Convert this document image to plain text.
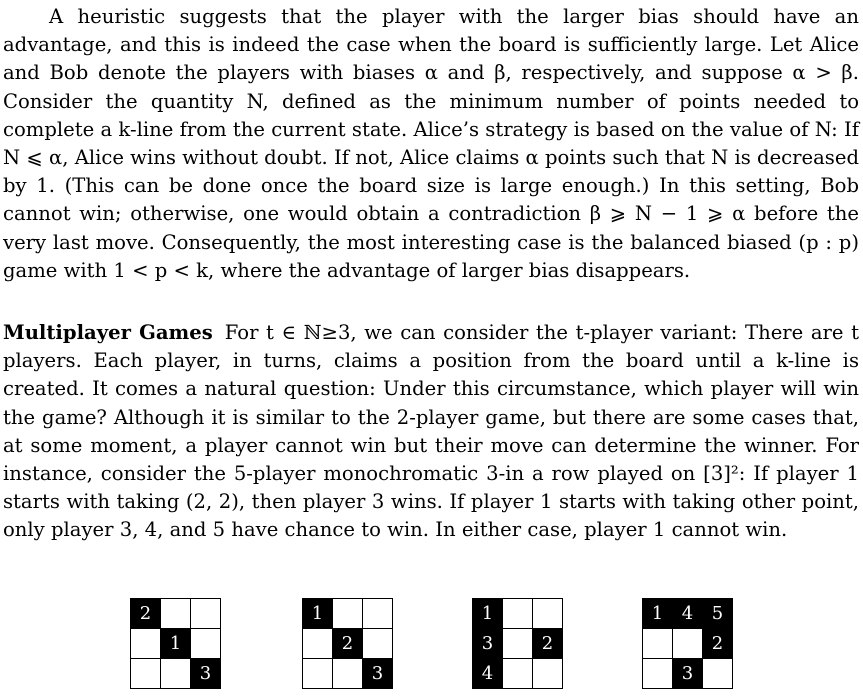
A heuristic suggests that the player with the larger bias should have an advantage, and this is indeed the case when the board is sufficiently large. Let Alice and Bob denote the players with biases α and β, respectively, and suppose α > β. Consider the quantity N, defined as the minimum number of points needed to complete a k-line from the current state. Alice’s strategy is based on the value of N: If N ⩽ α, Alice wins without doubt. If not, Alice claims α points such that N is decreased by 1. (This can be done once the board size is large enough.) In this setting, Bob cannot win; otherwise, one would obtain a contradiction β ⩾ N − 1 ⩾ α before the very last move. Consequently, the most interesting case is the balanced biased (p : p) game with 1 < p < k, where the advantage of larger bias disappears.
Multiplayer Games For t ∈ ℕ≥3, we can consider the t-player variant: There are t players. Each player, in turns, claims a position from the board until a k-line is created. It comes a natural question: Under this circumstance, which player will win the game? Although it is similar to the 2-player game, but there are some cases that, at some moment, a player cannot win but their move can determine the winner. For instance, consider the 5-player monochromatic 3-in a row played on [3]²: If player 1 starts with taking (2, 2), then player 3 wins. If player 1 starts with taking other point, only player 3, 4, and 5 have chance to win. In either case, player 1 cannot win.
2
1
3
1
2
3
1
3	2
4
1	4	5
2
3
